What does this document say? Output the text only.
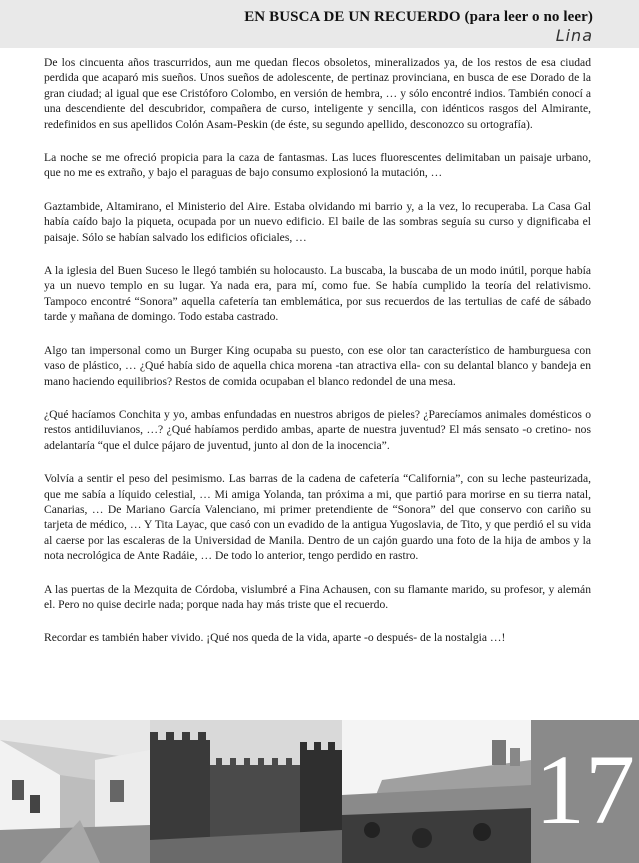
EN BUSCA DE UN RECUERDO (para leer o no leer)
Lina

De los cincuenta años trascurridos, aun me quedan flecos obsoletos, mineralizados ya, de los restos de esa ciudad perdida que acaparó mis sueños. Unos sueños de adolescente, de pertinaz provinciana, en busca de ese Dorado de la gran ciudad; al igual que ese Cristóforo Colombo, en versión de hembra, … y sólo encontré indios. También conocí a una descendiente del descubridor, compañera de curso, inteligente y sencilla, con idénticos rasgos del Almirante, redefinidos en sus apellidos Colón Asam-Peskin (de éste, su segundo apellido, desconozco su ortografía).

La noche se me ofreció propicia para la caza de fantasmas. Las luces fluorescentes delimitaban un paisaje urbano, que no me es extraño, y bajo el paraguas de bajo consumo explosionó la mutación, …

Gaztambide, Altamirano, el Ministerio del Aire. Estaba olvidando mi barrio y, a la vez, lo recuperaba. La Casa Gal había caído bajo la piqueta, ocupada por un nuevo edificio. El baile de las sombras seguía su curso y dignificaba el paisaje. Sólo se habían salvado los edificios oficiales, …

A la iglesia del Buen Suceso le llegó también su holocausto. La buscaba, la buscaba de un modo inútil, porque había ya un nuevo templo en su lugar. Ya nada era, para mí, como fue. Se había cumplido la teoría del relativismo. Tampoco encontré “Sonora” aquella cafetería tan emblemática, por sus recuerdos de las tertulias de café de sábado tarde y mañana de domingo. Todo estaba castrado.

Algo tan impersonal como un Burger King ocupaba su puesto, con ese olor tan característico de hamburguesa con vaso de plástico, … ¿Qué había sido de aquella chica morena -tan atractiva ella- con su delantal blanco y bandeja en mano haciendo equilibrios? Restos de comida ocupaban el blanco redondel de una mesa.

¿Qué hacíamos Conchita y yo, ambas enfundadas en nuestros abrigos de pieles? ¿Parecíamos animales domésticos o restos antidiluvianos, …? ¿Qué habíamos perdido ambas, aparte de nuestra juventud? El más sensato -o cretino- nos adelantaría “que el dulce pájaro de juventud, junto al don de la inocencia”.

Volvía a sentir el peso del pesimismo. Las barras de la cadena de cafetería “California”, con su leche pasteurizada, que me sabía a líquido celestial, … Mi amiga Yolanda, tan próxima a mi, que partió para morirse en su tierra natal, Canarias, … De Mariano García Valenciano, mi primer pretendiente de “Sonora” del que conservo con cariño su tarjeta de médico, … Y Tita Layac, que casó con un evadido de la antigua Yugoslavia, de Tito, y que perdió el su vida al caerse por las escaleras de la Universidad de Manila. Dentro de un cajón guardo una foto de la hija de ambos y la nota necrológica de Ante Radáie, … De todo lo anterior, tengo perdido en rastro.

A las puertas de la Mezquita de Córdoba, vislumbré a Fina Achausen, con su flamante marido, su profesor, y alemán el. Pero no quise decirle nada; porque nada hay más triste que el recuerdo.

Recordar es también haber vivido. ¡Qué nos queda de la vida, aparte -o después- de la nostalgia …!

17
